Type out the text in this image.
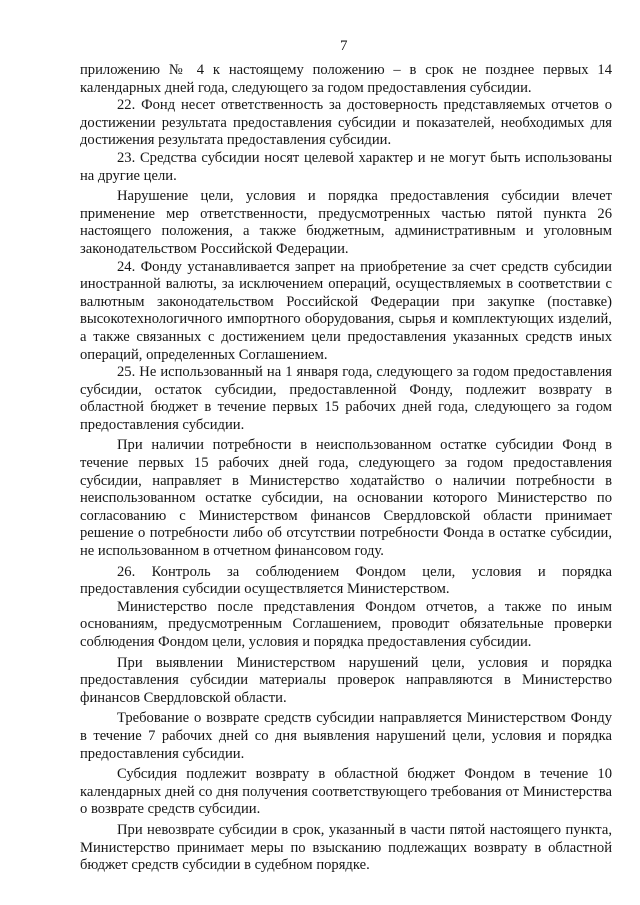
7

приложению № 4 к настоящему положению – в срок не позднее первых 14 календарных дней года, следующего за годом предоставления субсидии.

22. Фонд несет ответственность за достоверность представляемых отчетов о достижении результата предоставления субсидии и показателей, необходимых для достижения результата предоставления субсидии.

23. Средства субсидии носят целевой характер и не могут быть использованы на другие цели.

Нарушение цели, условия и порядка предоставления субсидии влечет применение мер ответственности, предусмотренных частью пятой пункта 26 настоящего положения, а также бюджетным, административным и уголовным законодательством Российской Федерации.

24. Фонду устанавливается запрет на приобретение за счет средств субсидии иностранной валюты, за исключением операций, осуществляемых в соответствии с валютным законодательством Российской Федерации при закупке (поставке) высокотехнологичного импортного оборудования, сырья и комплектующих изделий, а также связанных с достижением цели предоставления указанных средств иных операций, определенных Соглашением.

25. Не использованный на 1 января года, следующего за годом предоставления субсидии, остаток субсидии, предоставленной Фонду, подлежит возврату в областной бюджет в течение первых 15 рабочих дней года, следующего за годом предоставления субсидии.

При наличии потребности в неиспользованном остатке субсидии Фонд в течение первых 15 рабочих дней года, следующего за годом предоставления субсидии, направляет в Министерство ходатайство о наличии потребности в неиспользованном остатке субсидии, на основании которого Министерство по согласованию с Министерством финансов Свердловской области принимает решение о потребности либо об отсутствии потребности Фонда в остатке субсидии, не использованном в отчетном финансовом году.

26. Контроль за соблюдением Фондом цели, условия и порядка предоставления субсидии осуществляется Министерством.

Министерство после представления Фондом отчетов, а также по иным основаниям, предусмотренным Соглашением, проводит обязательные проверки соблюдения Фондом цели, условия и порядка предоставления субсидии.

При выявлении Министерством нарушений цели, условия и порядка предоставления субсидии материалы проверок направляются в Министерство финансов Свердловской области.

Требование о возврате средств субсидии направляется Министерством Фонду в течение 7 рабочих дней со дня выявления нарушений цели, условия и порядка предоставления субсидии.

Субсидия подлежит возврату в областной бюджет Фондом в течение 10 календарных дней со дня получения соответствующего требования от Министерства о возврате средств субсидии.

При невозврате субсидии в срок, указанный в части пятой настоящего пункта, Министерство принимает меры по взысканию подлежащих возврату в областной бюджет средств субсидии в судебном порядке.
